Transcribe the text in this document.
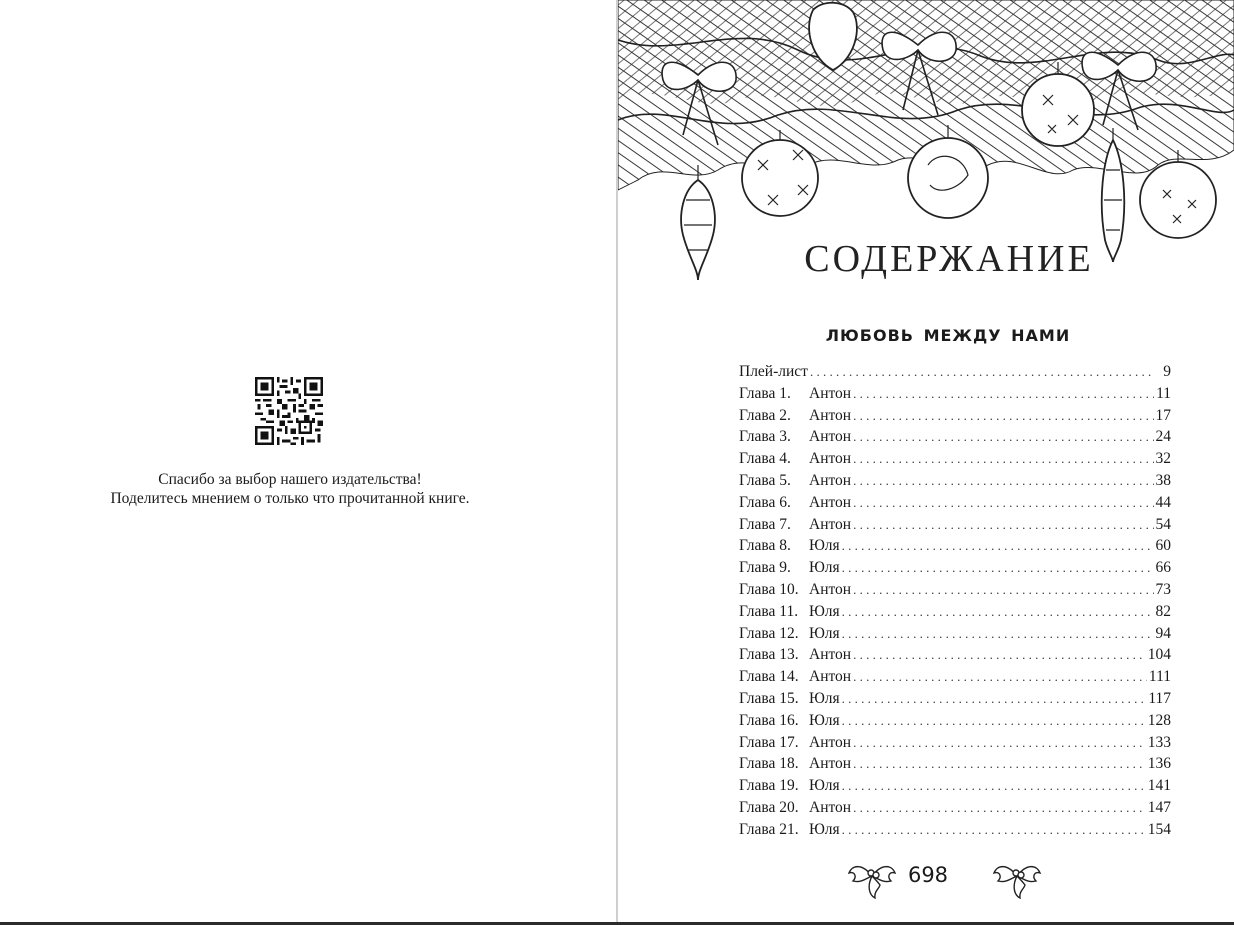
Спасибо за выбор нашего издательства!
Поделитесь мнением о только что прочитанной книге.
СОДЕРЖАНИЕ
ЛЮБОВЬ МЕЖДУ НАМИ
Плей-лист . . .	9
Глава 1.	Антон . . .	11
Глава 2.	Антон . . .	17
Глава 3.	Антон . . .	24
Глава 4.	Антон . . .	32
Глава 5.	Антон . . .	38
Глава 6.	Антон . . .	44
Глава 7.	Антон . . .	54
Глава 8.	Юля . . .	60
Глава 9.	Юля . . .	66
Глава 10. Антон . . .	73
Глава 11. Юля . . .	82
Глава 12. Юля . . .	94
Глава 13. Антон . . .	104
Глава 14. Антон . . .	111
Глава 15. Юля . . .	117
Глава 16. Юля . . .	128
Глава 17. Антон . . .	133
Глава 18. Антон . . .	136
Глава 19. Юля . . .	141
Глава 20. Антон . . .	147
Глава 21. Юля . . .	154
698
